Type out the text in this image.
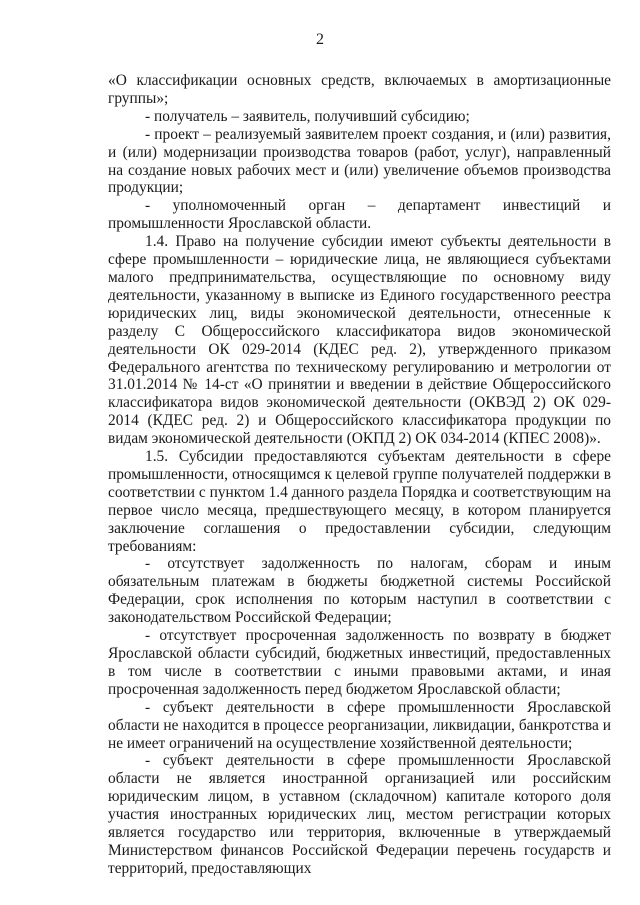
2

«О классификации основных средств, включаемых в амортизационные группы»;

- получатель – заявитель, получивший субсидию;

- проект – реализуемый заявителем проект создания, и (или) развития, и (или) модернизации производства товаров (работ, услуг), направленный на создание новых рабочих мест и (или) увеличение объемов производства продукции;

- уполномоченный орган – департамент инвестиций и промышленности Ярославской области.

1.4. Право на получение субсидии имеют субъекты деятельности в сфере промышленности – юридические лица, не являющиеся субъектами малого предпринимательства, осуществляющие по основному виду деятельности, указанному в выписке из Единого государственного реестра юридических лиц, виды экономической деятельности, отнесенные к разделу С Общероссийского классификатора видов экономической деятельности ОК 029-2014 (КДЕС ред. 2), утвержденного приказом Федерального агентства по техническому регулированию и метрологии от 31.01.2014 № 14-ст «О принятии и введении в действие Общероссийского классификатора видов экономической деятельности (ОКВЭД 2) ОК 029-2014 (КДЕС ред. 2) и Общероссийского классификатора продукции по видам экономической деятельности (ОКПД 2) ОК 034-2014 (КПЕС 2008)».

1.5. Субсидии предоставляются субъектам деятельности в сфере промышленности, относящимся к целевой группе получателей поддержки в соответствии с пунктом 1.4 данного раздела Порядка и соответствующим на первое число месяца, предшествующего месяцу, в котором планируется заключение соглашения о предоставлении субсидии, следующим требованиям:

- отсутствует задолженность по налогам, сборам и иным обязательным платежам в бюджеты бюджетной системы Российской Федерации, срок исполнения по которым наступил в соответствии с законодательством Российской Федерации;

- отсутствует просроченная задолженность по возврату в бюджет Ярославской области субсидий, бюджетных инвестиций, предоставленных в том числе в соответствии с иными правовыми актами, и иная просроченная задолженность перед бюджетом Ярославской области;

- субъект деятельности в сфере промышленности Ярославской области не находится в процессе реорганизации, ликвидации, банкротства и не имеет ограничений на осуществление хозяйственной деятельности;

- субъект деятельности в сфере промышленности Ярославской области не является иностранной организацией или российским юридическим лицом, в уставном (складочном) капитале которого доля участия иностранных юридических лиц, местом регистрации которых является государство или территория, включенные в утверждаемый Министерством финансов Российской Федерации перечень государств и территорий, предоставляющих
